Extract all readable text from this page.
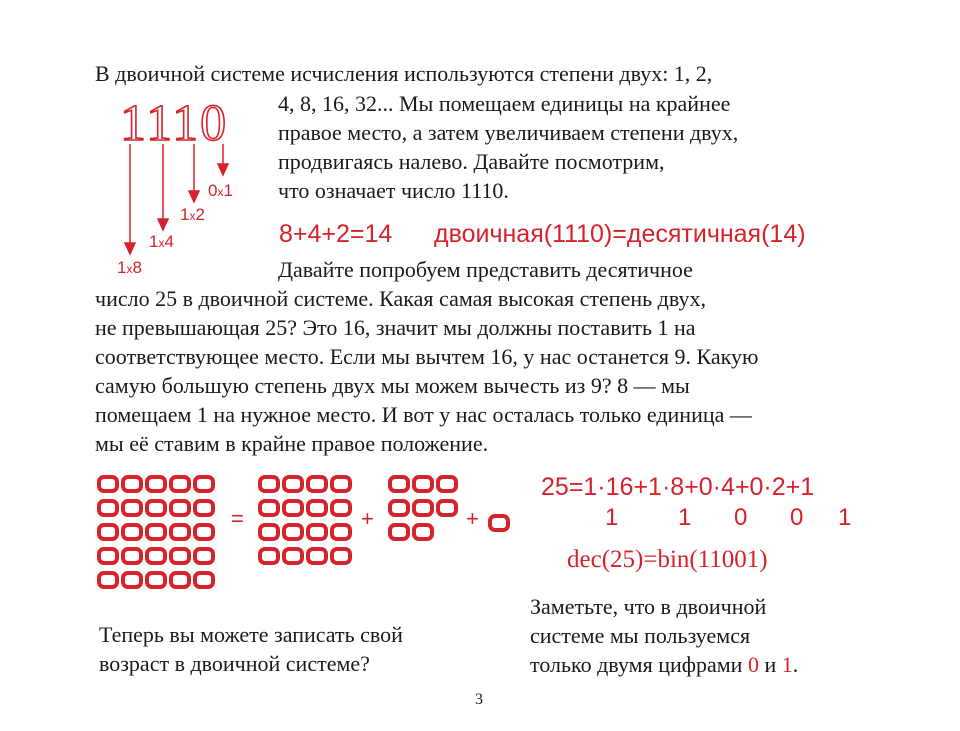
В двоичной системе исчисления используются степени двух: 1, 2,
4, 8, 16, 32... Мы помещаем единицы на крайнее
правое место, а затем увеличиваем степени двух,
продвигаясь налево. Давайте посмотрим,
что означает число 1110.
1110
0x1
1x2
1x4
1x8
8+4+2=14 двоичная(1110)=десятичная(14)
Давайте попробуем представить десятичное
число 25 в двоичной системе. Какая самая высокая степень двух,
не превышающая 25? Это 16, значит мы должны поставить 1 на
соответствующее место. Если мы вычтем 16, у нас останется 9. Какую
самую большую степень двух мы можем вычесть из 9? 8 — мы
помещаем 1 на нужное место. И вот у нас осталась только единица —
мы её ставим в крайне правое положение.
=	+	+
25=1·16+1·8+0·4+0·2+1
1 1 0 0 1
dec(25)=bin(11001)
Теперь вы можете записать свой
возраст в двоичной системе?
Заметьте, что в двоичной
системе мы пользуемся
только двумя цифрами 0 и 1.
3
